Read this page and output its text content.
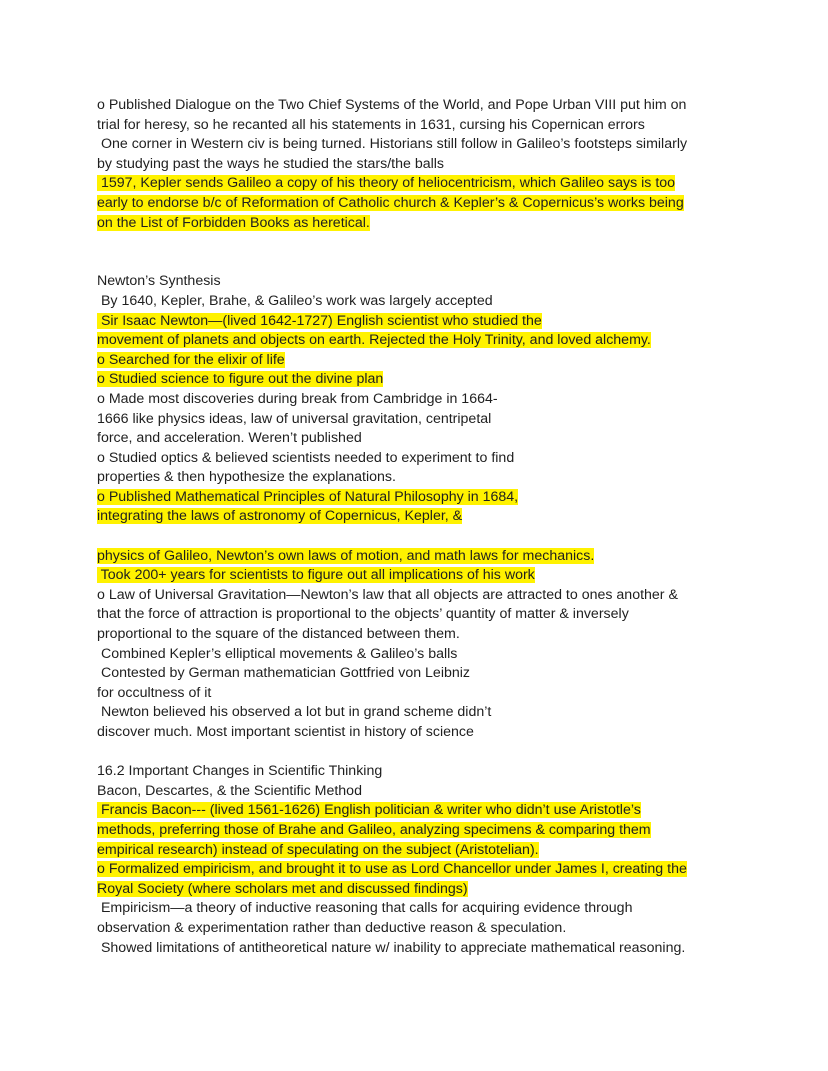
o Published Dialogue on the Two Chief Systems of the World, and Pope Urban VIII put him on
trial for heresy, so he recanted all his statements in 1631, cursing his Copernican errors
One corner in Western civ is being turned. Historians still follow in Galileo’s footsteps similarly
by studying past the ways he studied the stars/the balls
1597, Kepler sends Galileo a copy of his theory of heliocentricism, which Galileo says is too
early to endorse b/c of Reformation of Catholic church & Kepler’s & Copernicus’s works being
on the List of Forbidden Books as heretical.
Newton’s Synthesis
By 1640, Kepler, Brahe, & Galileo’s work was largely accepted
Sir Isaac Newton—(lived 1642-1727) English scientist who studied the
movement of planets and objects on earth. Rejected the Holy Trinity, and loved alchemy.
o Searched for the elixir of life
o Studied science to figure out the divine plan
o Made most discoveries during break from Cambridge in 1664-
1666 like physics ideas, law of universal gravitation, centripetal
force, and acceleration. Weren’t published
o Studied optics & believed scientists needed to experiment to find
properties & then hypothesize the explanations.
o Published Mathematical Principles of Natural Philosophy in 1684,
integrating the laws of astronomy of Copernicus, Kepler, &
physics of Galileo, Newton’s own laws of motion, and math laws for mechanics.
Took 200+ years for scientists to figure out all implications of his work
o Law of Universal Gravitation—Newton’s law that all objects are attracted to ones another &
that the force of attraction is proportional to the objects’ quantity of matter & inversely
proportional to the square of the distanced between them.
Combined Kepler’s elliptical movements & Galileo’s balls
Contested by German mathematician Gottfried von Leibniz
for occultness of it
Newton believed his observed a lot but in grand scheme didn’t
discover much. Most important scientist in history of science
16.2 Important Changes in Scientific Thinking
Bacon, Descartes, & the Scientific Method
Francis Bacon--- (lived 1561-1626) English politician & writer who didn’t use Aristotle’s
methods, preferring those of Brahe and Galileo, analyzing specimens & comparing them
empirical research) instead of speculating on the subject (Aristotelian).
o Formalized empiricism, and brought it to use as Lord Chancellor under James I, creating the
Royal Society (where scholars met and discussed findings)
Empiricism—a theory of inductive reasoning that calls for acquiring evidence through
observation & experimentation rather than deductive reason & speculation.
Showed limitations of antitheoretical nature w/ inability to appreciate mathematical reasoning.
